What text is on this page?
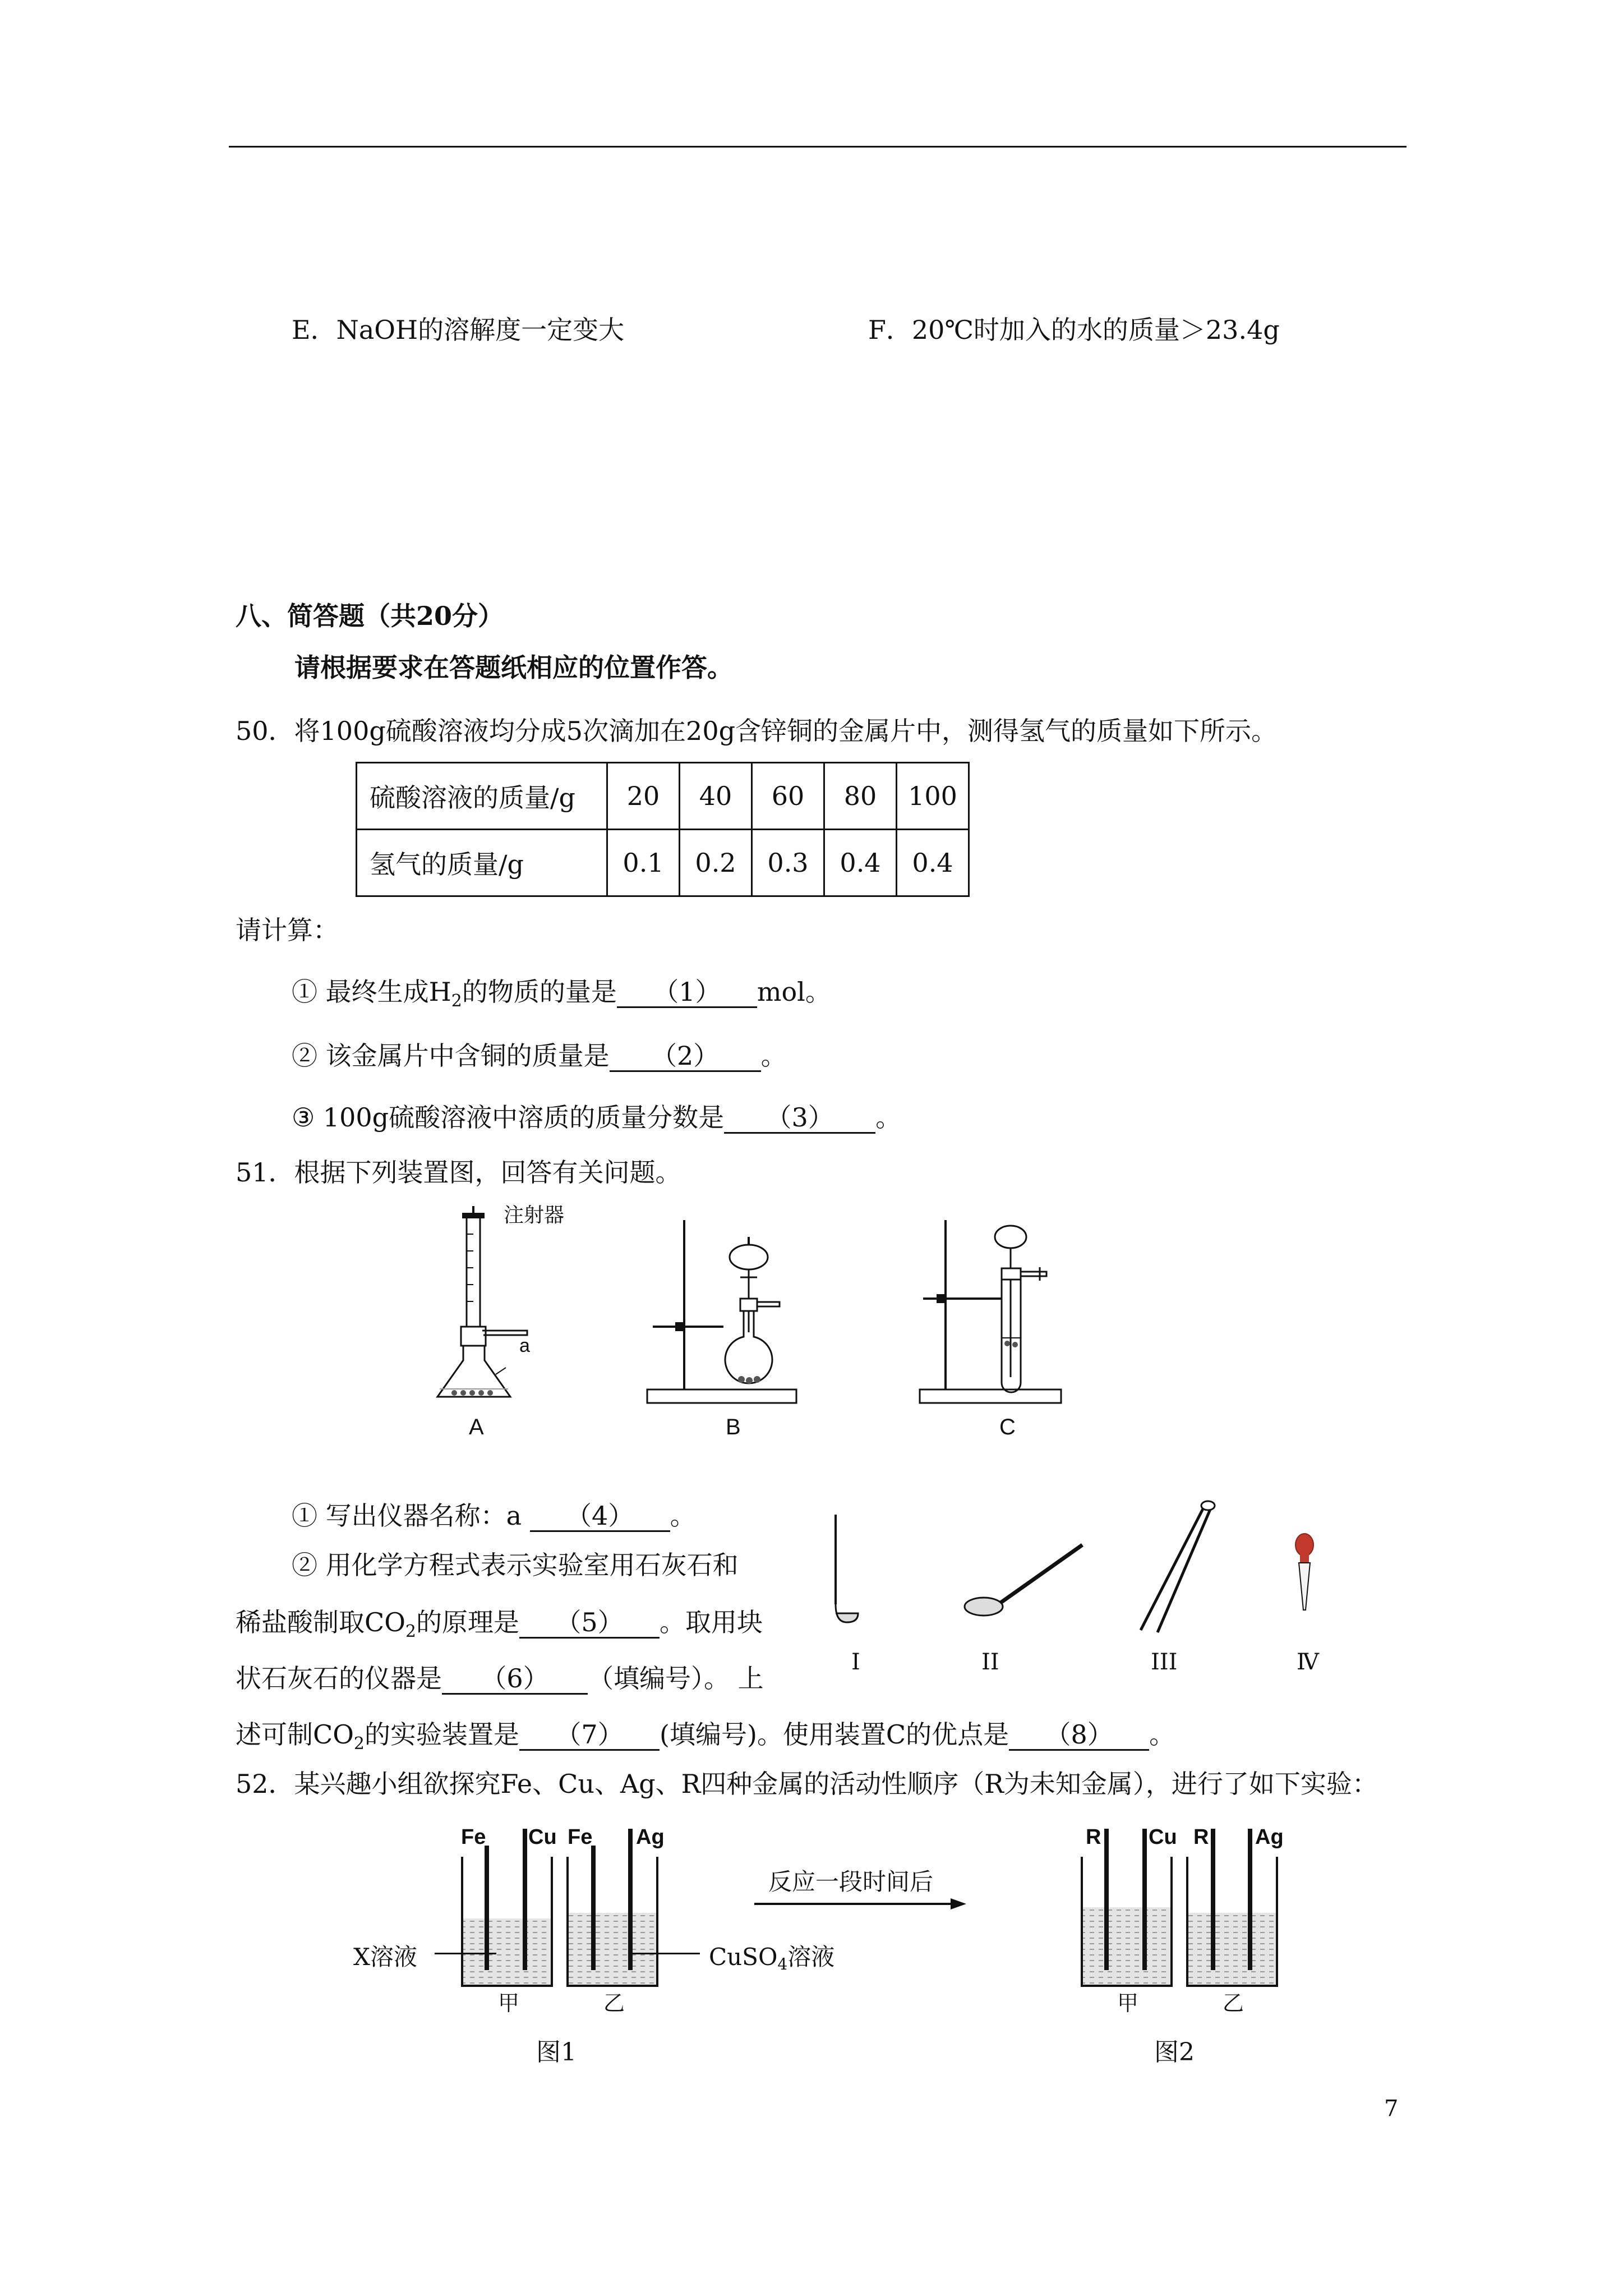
E．NaOH的溶解度一定变大	F．20℃时加入的水的质量＞23.4g
八、简答题（共20分）
请根据要求在答题纸相应的位置作答。
50．将100g硫酸溶液均分成5次滴加在20g含锌铜的金属片中，测得氢气的质量如下所示。
硫酸溶液的质量/g	20	40	60	80	100
氢气的质量/g	0.1	0.2	0.3	0.4	0.4
请计算：
① 最终生成$H_2$的物质的量是 （1） mol。
② 该金属片中含铜的质量是 （2） 。
③ 100g硫酸溶液中溶质的质量分数是 （3） 。
51．根据下列装置图，回答有关问题。
注射器
a
A	B	C
① 写出仪器名称：a （4） 。
② 用化学方程式表示实验室用石灰石和
稀盐酸制取$CO_2$的原理是 （5） 。取用块
状石灰石的仪器是 （6） （填编号）。 上
述可制$CO_2$的实验装置是 （7） (填编号)。使用装置C的优点是 （8） 。
I	II	III	Ⅳ
52．某兴趣小组欲探究Fe、Cu、Ag、R四种金属的活动性顺序（R为未知金属），进行了如下实验：
Fe Cu Fe Ag
X溶液	CuSO4溶液
甲	乙
图1
反应一段时间后
R Cu R Ag
甲	乙
图2
7
